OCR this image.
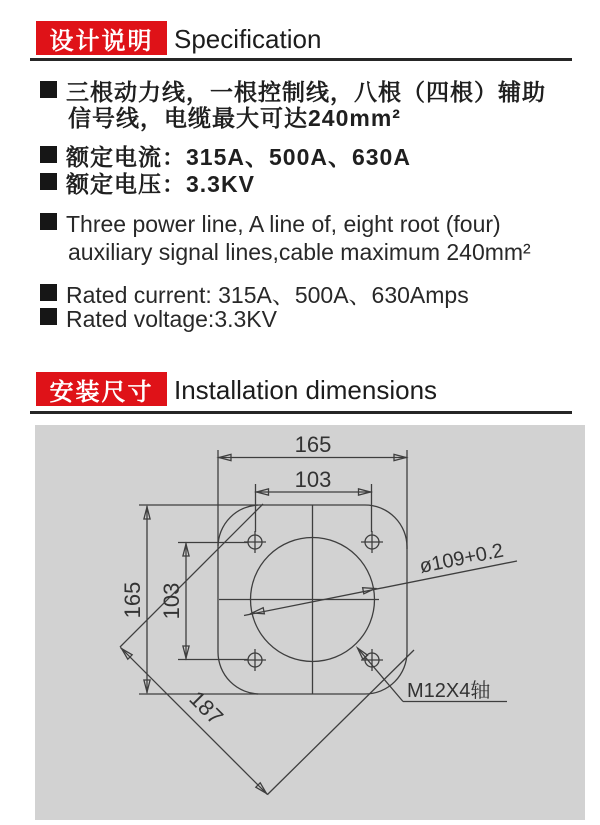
设计说明 Specification
三根动力线，一根控制线，八根（四根）辅助
信号线，电缆最大可达240mm²
额定电流：315A、500A、630A
额定电压：3.3KV
Three power line, A line of, eight root (four)
auxiliary signal lines,cable maximum 240mm²
Rated current: 315A、500A、630Amps
Rated voltage:3.3KV
安装尺寸 Installation dimensions
165
103
165 103
187
ø109+0.2
M12X4轴
